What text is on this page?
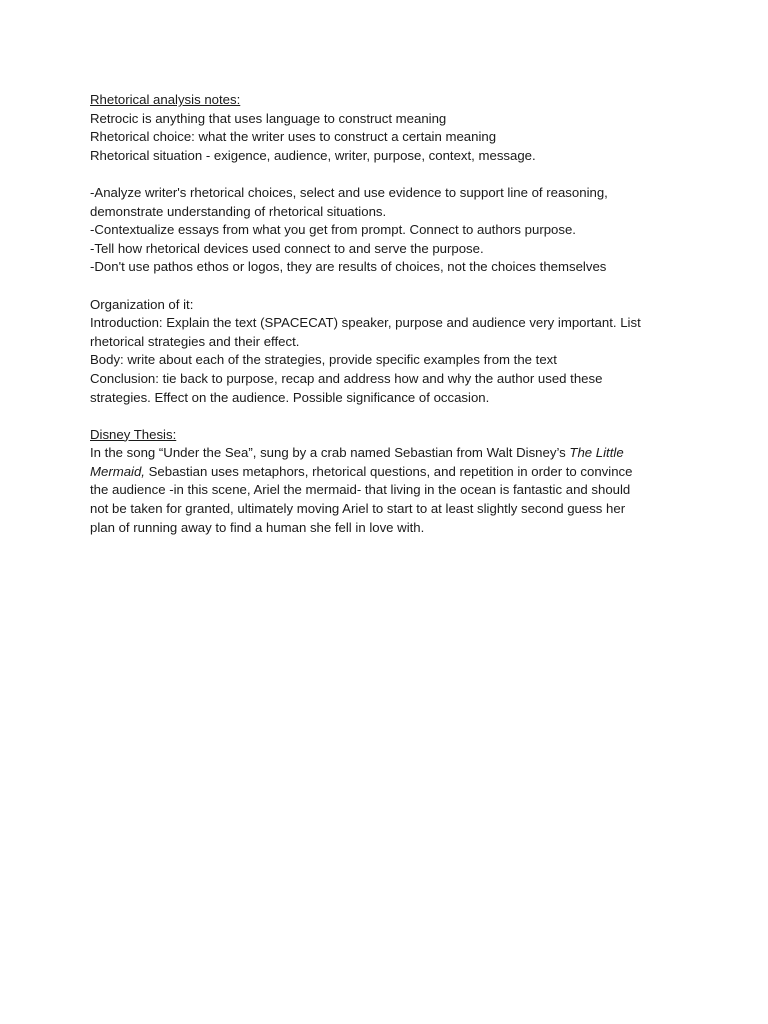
Rhetorical analysis notes:
Retrocic is anything that uses language to construct meaning
Rhetorical choice: what the writer uses to construct a certain meaning
Rhetorical situation - exigence, audience, writer, purpose, context, message.
-Analyze writer's rhetorical choices, select and use evidence to support line of reasoning,
demonstrate understanding of rhetorical situations.
-Contextualize essays from what you get from prompt. Connect to authors purpose.
-Tell how rhetorical devices used connect to and serve the purpose.
-Don't use pathos ethos or logos, they are results of choices, not the choices themselves
Organization of it:
Introduction: Explain the text (SPACECAT) speaker, purpose and audience very important. List
rhetorical strategies and their effect.
Body: write about each of the strategies, provide specific examples from the text
Conclusion: tie back to purpose, recap and address how and why the author used these
strategies. Effect on the audience. Possible significance of occasion.
Disney Thesis:
In the song “Under the Sea”, sung by a crab named Sebastian from Walt Disney’s The Little
Mermaid, Sebastian uses metaphors, rhetorical questions, and repetition in order to convince
the audience -in this scene, Ariel the mermaid- that living in the ocean is fantastic and should
not be taken for granted, ultimately moving Ariel to start to at least slightly second guess her
plan of running away to find a human she fell in love with.
